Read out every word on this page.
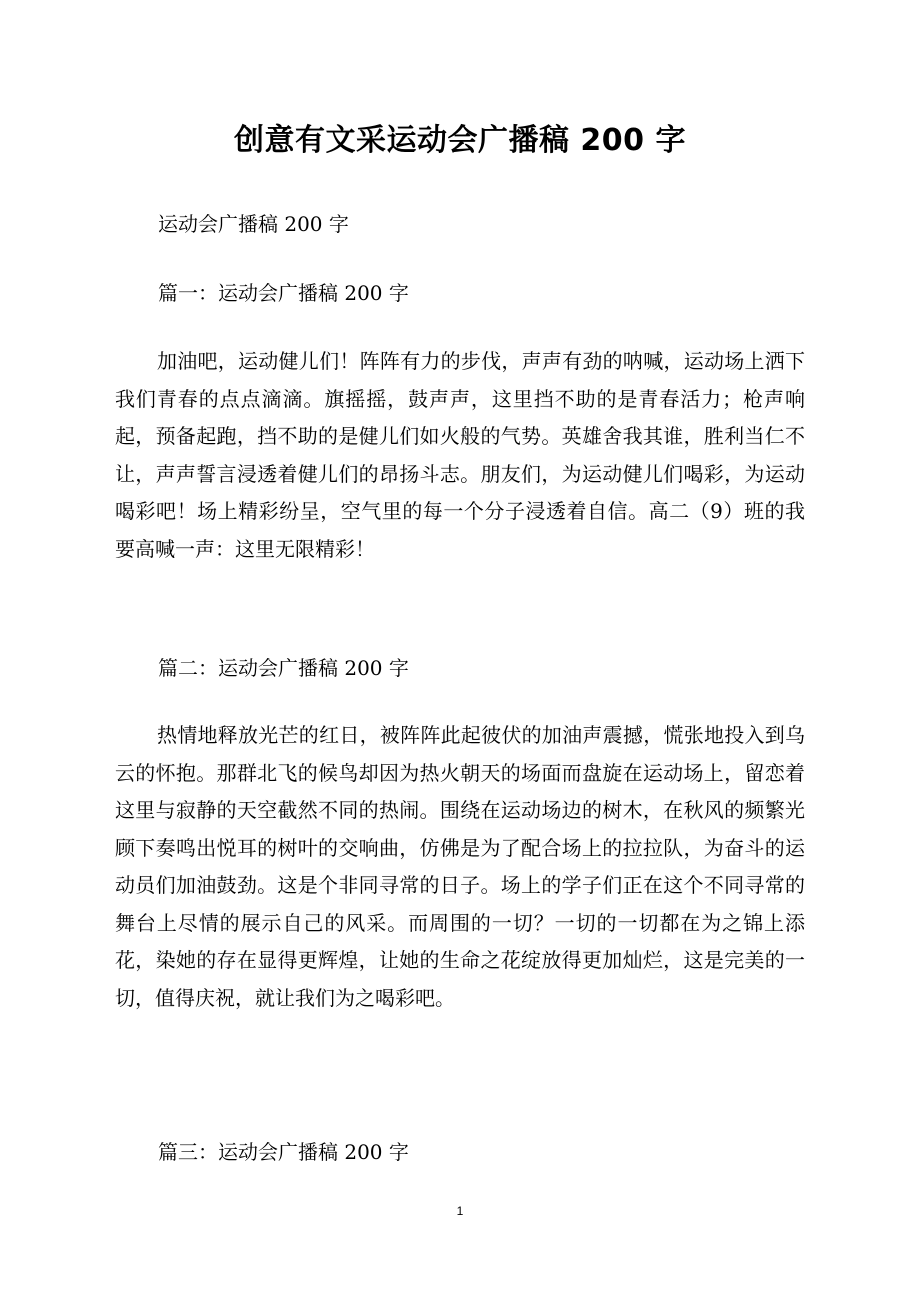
创意有文采运动会广播稿 200 字
运动会广播稿 200 字
篇一：运动会广播稿 200 字

加油吧，运动健儿们！阵阵有力的步伐，声声有劲的呐喊，运动场上洒下我们青春的点点滴滴。旗摇摇，鼓声声，这里挡不助的是青春活力；枪声响起，预备起跑，挡不助的是健儿们如火般的气势。英雄舍我其谁，胜利当仁不让，声声誓言浸透着健儿们的昂扬斗志。朋友们，为运动健儿们喝彩，为运动喝彩吧！场上精彩纷呈，空气里的每一个分子浸透着自信。高二（9）班的我要高喊一声：这里无限精彩！

篇二：运动会广播稿 200 字

热情地释放光芒的红日，被阵阵此起彼伏的加油声震撼，慌张地投入到乌云的怀抱。那群北飞的候鸟却因为热火朝天的场面而盘旋在运动场上，留恋着这里与寂静的天空截然不同的热闹。围绕在运动场边的树木，在秋风的频繁光顾下奏鸣出悦耳的树叶的交响曲，仿佛是为了配合场上的拉拉队，为奋斗的运动员们加油鼓劲。这是个非同寻常的日子。场上的学子们正在这个不同寻常的舞台上尽情的展示自己的风采。而周围的一切？一切的一切都在为之锦上添花，染她的存在显得更辉煌，让她的生命之花绽放得更加灿烂，这是完美的一切，值得庆祝，就让我们为之喝彩吧。

篇三：运动会广播稿 200 字
1
